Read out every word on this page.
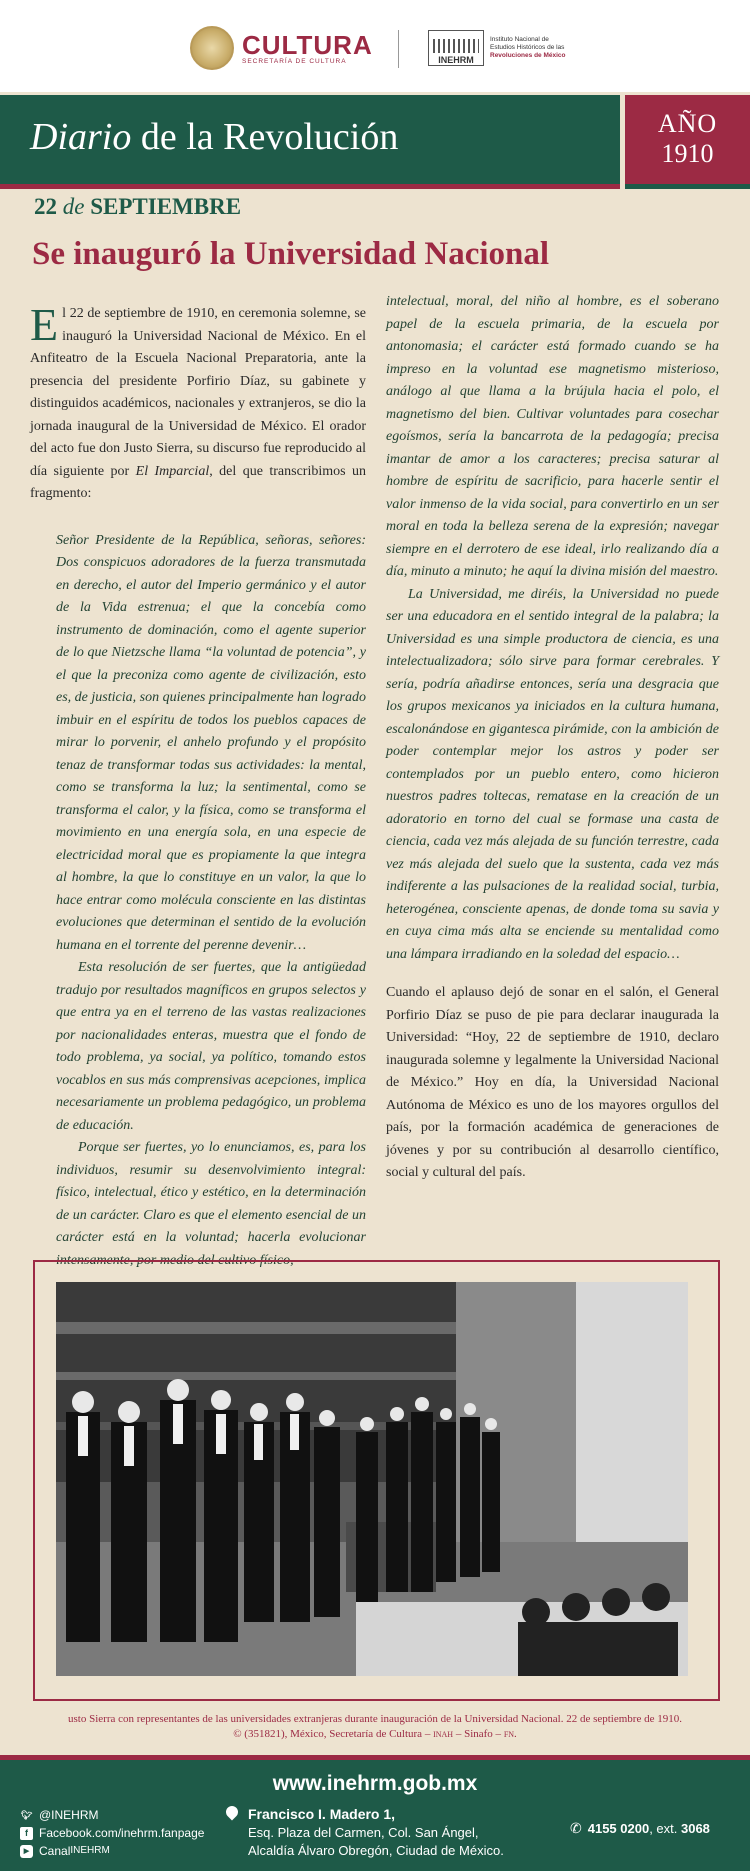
CULTURA
SECRETARÍA DE CULTURA	INEHRM
Instituto Nacional de
Estudios Históricos de las
Revoluciones de México
Diario de la Revolución	AÑO
1910
22 de SEPTIEMBRE
Se inauguró la Universidad Nacional

El 22 de septiembre de 1910, en ceremonia solemne, se inauguró la Universidad Nacional de México. En el Anfiteatro de la Escuela Nacional Preparatoria, ante la presencia del presidente Porfirio Díaz, su gabinete y distinguidos académicos, nacionales y extranjeros, se dio la jornada inaugural de la Universidad de México. El orador del acto fue don Justo Sierra, su discurso fue reproducido al día siguiente por El Imparcial, del que transcribimos un fragmento:

Señor Presidente de la República, señoras, señores: Dos conspicuos adoradores de la fuerza transmutada en derecho, el autor del Imperio germánico y el autor de la Vida estrenua; el que la concebía como instrumento de dominación, como el agente superior de lo que Nietzsche llama “la voluntad de potencia”, y el que la preconiza como agente de civilización, esto es, de justicia, son quienes principalmente han logrado imbuir en el espíritu de todos los pueblos capaces de mirar lo porvenir, el anhelo profundo y el propósito tenaz de transformar todas sus actividades: la mental, como se transforma la luz; la sentimental, como se transforma el calor, y la física, como se transforma el movimiento en una energía sola, en una especie de electricidad moral que es propiamente la que integra al hombre, la que lo constituye en un valor, la que lo hace entrar como molécula consciente en las distintas evoluciones que determinan el sentido de la evolución humana en el torrente del perenne devenir…

Esta resolución de ser fuertes, que la antigüedad tradujo por resultados magníficos en grupos selectos y que entra ya en el terreno de las vastas realizaciones por nacionalidades enteras, muestra que el fondo de todo problema, ya social, ya político, tomando estos vocablos en sus más comprensivas acepciones, implica necesariamente un problema pedagógico, un problema de educación.

Porque ser fuertes, yo lo enunciamos, es, para los individuos, resumir su desenvolvimiento integral: físico, intelectual, ético y estético, en la determinación de un carácter. Claro es que el elemento esencial de un carácter está en la voluntad; hacerla evolucionar intensamente, por medio del cultivo físico,

intelectual, moral, del niño al hombre, es el soberano papel de la escuela primaria, de la escuela por antonomasia; el carácter está formado cuando se ha impreso en la voluntad ese magnetismo misterioso, análogo al que llama a la brújula hacia el polo, el magnetismo del bien. Cultivar voluntades para cosechar egoísmos, sería la bancarrota de la pedagogía; precisa imantar de amor a los caracteres; precisa saturar al hombre de espíritu de sacrificio, para hacerle sentir el valor inmenso de la vida social, para convertirlo en un ser moral en toda la belleza serena de la expresión; navegar siempre en el derrotero de ese ideal, irlo realizando día a día, minuto a minuto; he aquí la divina misión del maestro.

La Universidad, me diréis, la Universidad no puede ser una educadora en el sentido integral de la palabra; la Universidad es una simple productora de ciencia, es una intelectualizadora; sólo sirve para formar cerebrales. Y sería, podría añadirse entonces, sería una desgracia que los grupos mexicanos ya iniciados en la cultura humana, escalonándose en gigantesca pirámide, con la ambición de poder contemplar mejor los astros y poder ser contemplados por un pueblo entero, como hicieron nuestros padres toltecas, rematase en la creación de un adoratorio en torno del cual se formase una casta de ciencia, cada vez más alejada de su función terrestre, cada vez más alejada del suelo que la sustenta, cada vez más indiferente a las pulsaciones de la realidad social, turbia, heterogénea, consciente apenas, de donde toma su savia y en cuya cima más alta se enciende su mentalidad como una lámpara irradiando en la soledad del espacio…

Cuando el aplauso dejó de sonar en el salón, el General Porfirio Díaz se puso de pie para declarar inaugurada la Universidad: “Hoy, 22 de septiembre de 1910, declaro inaugurada solemne y legalmente la Universidad Nacional de México.” Hoy en día, la Universidad Nacional Autónoma de México es uno de los mayores orgullos del país, por la formación académica de generaciones de jóvenes y por su contribución al desarrollo científico, social y cultural del país.

usto Sierra con representantes de las universidades extranjeras durante inauguración de la Universidad Nacional. 22 de septiembre de 1910.
© (351821), México, Secretaría de Cultura – inah – Sinafo – fn.
www.inehrm.gob.mx
🐦︎ @INEHRM
f Facebook.com/inehrm.fanpage
▶ Canal INEHRM
Francisco I. Madero 1,
Esq. Plaza del Carmen, Col. San Ángel,
Alcaldía Álvaro Obregón, Ciudad de México.
✆ 4155 0200, ext. 3068
